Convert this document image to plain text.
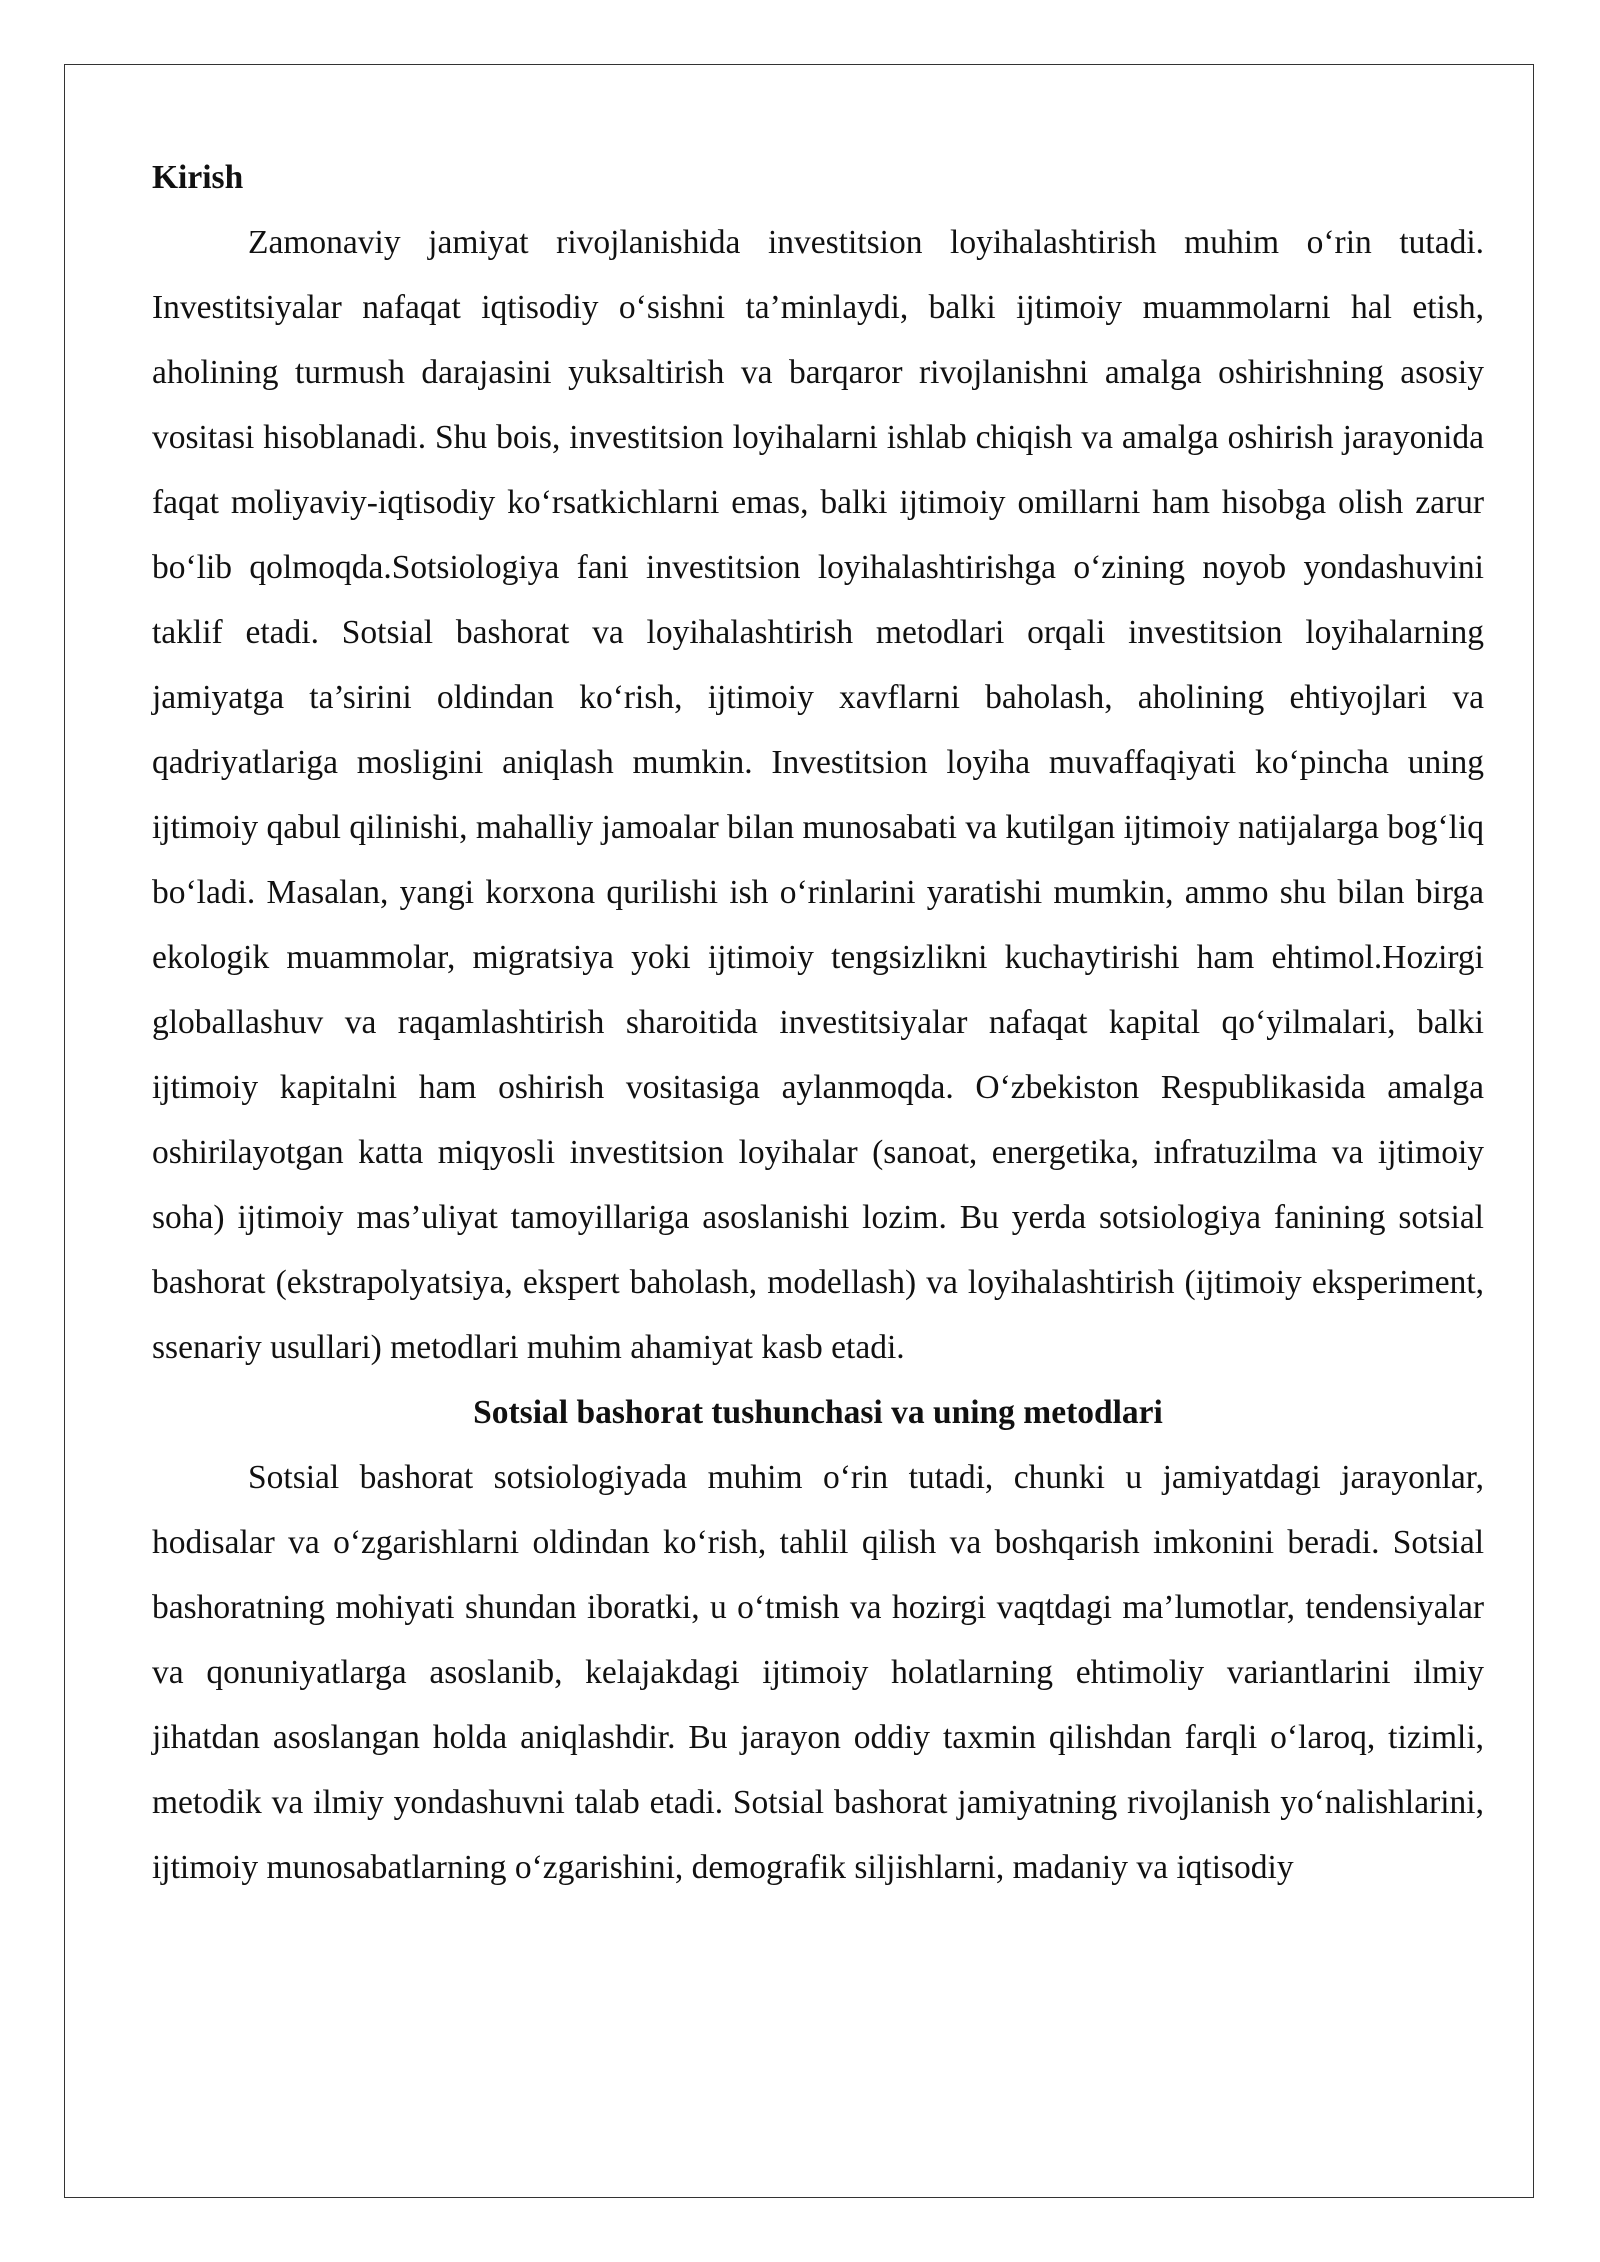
Kirish

Zamonaviy jamiyat rivojlanishida investitsion loyihalashtirish muhim o‘rin tutadi. Investitsiyalar nafaqat iqtisodiy o‘sishni ta’minlaydi, balki ijtimoiy muammolarni hal etish, aholining turmush darajasini yuksaltirish va barqaror rivojlanishni amalga oshirishning asosiy vositasi hisoblanadi. Shu bois, investitsion loyihalarni ishlab chiqish va amalga oshirish jarayonida faqat moliyaviy-iqtisodiy ko‘rsatkichlarni emas, balki ijtimoiy omillarni ham hisobga olish zarur bo‘lib qolmoqda.Sotsiologiya fani investitsion loyihalashtirishga o‘zining noyob yondashuvini taklif etadi. Sotsial bashorat va loyihalashtirish metodlari orqali investitsion loyihalarning jamiyatga ta’sirini oldindan ko‘rish, ijtimoiy xavflarni baholash, aholining ehtiyojlari va qadriyatlariga mosligini aniqlash mumkin. Investitsion loyiha muvaffaqiyati ko‘pincha uning ijtimoiy qabul qilinishi, mahalliy jamoalar bilan munosabati va kutilgan ijtimoiy natijalarga bog‘liq bo‘ladi. Masalan, yangi korxona qurilishi ish o‘rinlarini yaratishi mumkin, ammo shu bilan birga ekologik muammolar, migratsiya yoki ijtimoiy tengsizlikni kuchaytirishi ham ehtimol.Hozirgi globallashuv va raqamlashtirish sharoitida investitsiyalar nafaqat kapital qo‘yilmalari, balki ijtimoiy kapitalni ham oshirish vositasiga aylanmoqda. O‘zbekiston Respublikasida amalga oshirilayotgan katta miqyosli investitsion loyihalar (sanoat, energetika, infratuzilma va ijtimoiy soha) ijtimoiy mas’uliyat tamoyillariga asoslanishi lozim. Bu yerda sotsiologiya fanining sotsial bashorat (ekstrapolyatsiya, ekspert baholash, modellash) va loyihalashtirish (ijtimoiy eksperiment, ssenariy usullari) metodlari muhim ahamiyat kasb etadi.

Sotsial bashorat tushunchasi va uning metodlari

Sotsial bashorat sotsiologiyada muhim o‘rin tutadi, chunki u jamiyatdagi jarayonlar, hodisalar va o‘zgarishlarni oldindan ko‘rish, tahlil qilish va boshqarish imkonini beradi. Sotsial bashoratning mohiyati shundan iboratki, u o‘tmish va hozirgi vaqtdagi ma’lumotlar, tendensiyalar va qonuniyatlarga asoslanib, kelajakdagi ijtimoiy holatlarning ehtimoliy variantlarini ilmiy jihatdan asoslangan holda aniqlashdir. Bu jarayon oddiy taxmin qilishdan farqli o‘laroq, tizimli, metodik va ilmiy yondashuvni talab etadi. Sotsial bashorat jamiyatning rivojlanish yo‘nalishlarini, ijtimoiy munosabatlarning o‘zgarishini, demografik siljishlarni, madaniy va iqtisodiy
